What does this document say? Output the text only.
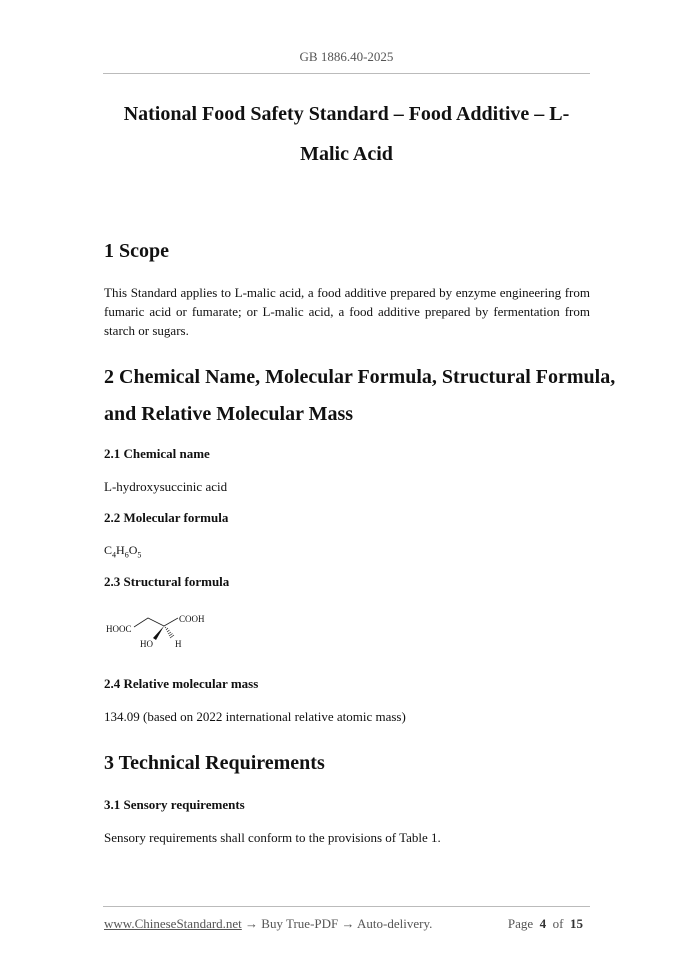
GB 1886.40-2025
National Food Safety Standard – Food Additive – L-Malic Acid
1 Scope
This Standard applies to L-malic acid, a food additive prepared by enzyme engineering from fumaric acid or fumarate; or L-malic acid, a food additive prepared by fermentation from starch or sugars.
2 Chemical Name, Molecular Formula, Structural Formula,
and Relative Molecular Mass
2.1 Chemical name
L-hydroxysuccinic acid
2.2 Molecular formula
$C_4H_6O_5$
2.3 Structural formula
HOOC
COOH
HO H
2.4 Relative molecular mass
134.09 (based on 2022 international relative atomic mass)
3 Technical Requirements
3.1 Sensory requirements
Sensory requirements shall conform to the provisions of Table 1.
www.ChineseStandard.net → Buy True-PDF → Auto-delivery.	Page 4 of 15
